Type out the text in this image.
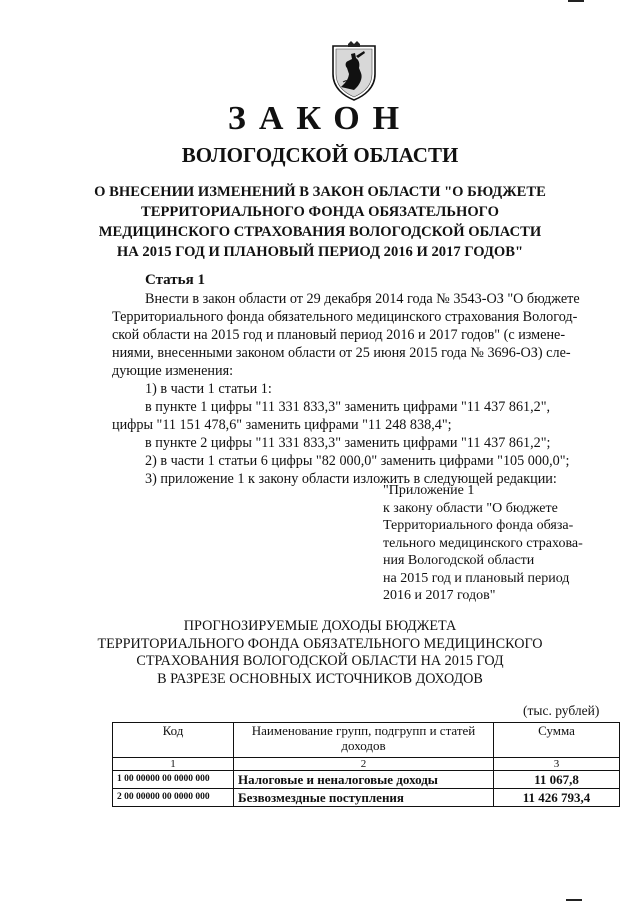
ЗАКОН
ВОЛОГОДСКОЙ ОБЛАСТИ
О ВНЕСЕНИИ ИЗМЕНЕНИЙ В ЗАКОН ОБЛАСТИ "О БЮДЖЕТЕ
ТЕРРИТОРИАЛЬНОГО ФОНДА ОБЯЗАТЕЛЬНОГО
МЕДИЦИНСКОГО СТРАХОВАНИЯ ВОЛОГОДСКОЙ ОБЛАСТИ
НА 2015 ГОД И ПЛАНОВЫЙ ПЕРИОД 2016 И 2017 ГОДОВ"
Статья 1
Внести в закон области от 29 декабря 2014 года № 3543-ОЗ "О бюджете
Территориального фонда обязательного медицинского страхования Вологод-
ской области на 2015 год и плановый период 2016 и 2017 годов" (с измене-
ниями, внесенными законом области от 25 июня 2015 года № 3696-ОЗ) сле-
дующие изменения:
1) в части 1 статьи 1:
в пункте 1 цифры "11 331 833,3" заменить цифрами "11 437 861,2",
цифры "11 151 478,6" заменить цифрами "11 248 838,4";
в пункте 2 цифры "11 331 833,3" заменить цифрами "11 437 861,2";
2) в части 1 статьи 6 цифры "82 000,0" заменить цифрами "105 000,0";
3) приложение 1 к закону области изложить в следующей редакции:
"Приложение 1
к закону области "О бюджете
Территориального фонда обяза-
тельного медицинского страхова-
ния Вологодской области
на 2015 год и плановый период
2016 и 2017 годов"
ПРОГНОЗИРУЕМЫЕ ДОХОДЫ БЮДЖЕТА
ТЕРРИТОРИАЛЬНОГО ФОНДА ОБЯЗАТЕЛЬНОГО МЕДИЦИНСКОГО
СТРАХОВАНИЯ ВОЛОГОДСКОЙ ОБЛАСТИ НА 2015 ГОД
В РАЗРЕЗЕ ОСНОВНЫХ ИСТОЧНИКОВ ДОХОДОВ
(тыс. рублей)
Код	Наименование групп, подгрупп и статей доходов	Сумма
1	2	3
1 00 00000 00 0000 000	Налоговые и неналоговые доходы	11 067,8
2 00 00000 00 0000 000	Безвозмездные поступления	11 426 793,4
